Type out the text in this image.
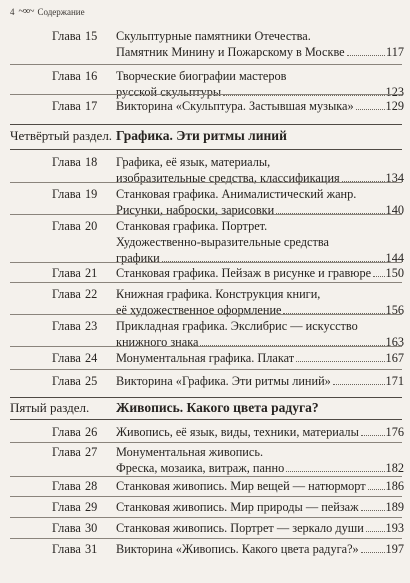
4 ~∞~ Содержание
Глава 15 Скульптурные памятники Отечества.
Памятник Минину и Пожарскому в Москве	117
Глава 16 Творческие биографии мастеров
русской скульптуры	123
Глава 17 Викторина «Скульптура. Застывшая музыка»	129
Четвёртый раздел. Графика. Эти ритмы линий
Глава 18 Графика, её язык, материалы,
изобразительные средства, классификация	134
Глава 19 Станковая графика. Анималистический жанр.
Рисунки, наброски, зарисовки	140
Глава 20 Станковая графика. Портрет.
Художественно-выразительные средства
графики	144
Глава 21 Станковая графика. Пейзаж в рисунке и гравюре 150
Глава 22 Книжная графика. Конструкция книги,
её художественное оформление	156
Глава 23 Прикладная графика. Экслибрис — искусство
книжного знака	163
Глава 24 Монументальная графика. Плакат	167
Глава 25 Викторина «Графика. Эти ритмы линий»	171
Пятый раздел.	Живопись. Какого цвета радуга?
Глава 26 Живопись, её язык, виды, техники, материалы 176
Глава 27 Монументальная живопись.
Фреска, мозаика, витраж, панно	182
Глава 28 Станковая живопись. Мир вещей — натюрморт 186
Глава 29 Станковая живопись. Мир природы — пейзаж 189
Глава 30 Станковая живопись. Портрет — зеркало души 193
Глава 31 Викторина «Живопись. Какого цвета радуга?» 197
